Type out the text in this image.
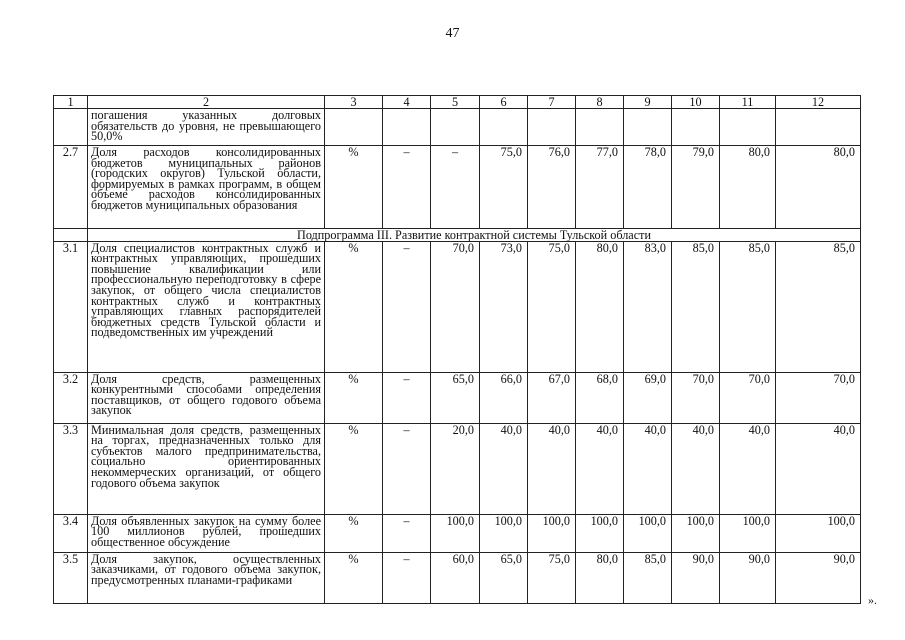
47
1	2	3	4	5	6	7	8	9	10	11	12
	погашения указанных долговых обязательств до уровня, не превышающего 50,0%										
2.7	Доля расходов консолидированных бюджетов муниципальных районов (городских округов) Тульской области, формируемых в рамках программ, в общем объеме расходов консолидированных бюджетов муниципальных образования	%	–	–	75,0	76,0	77,0	78,0	79,0	80,0	80,0
	Подпрограмма III. Развитие контрактной системы Тульской области										
3.1	Доля специалистов контрактных служб и контрактных управляющих, прошедших повышение квалификации или профессиональную переподготовку в сфере закупок, от общего числа специалистов контрактных служб и контрактных управляющих главных распорядителей бюджетных средств Тульской области и подведомственных им учреждений	%	–	70,0	73,0	75,0	80,0	83,0	85,0	85,0	85,0
3.2	Доля средств, размещенных конкурентными способами определения поставщиков, от общего годового объема закупок	%	–	65,0	66,0	67,0	68,0	69,0	70,0	70,0	70,0
3.3	Минимальная доля средств, размещенных на торгах, предназначенных только для субъектов малого предпринимательства, социально ориентированных некоммерческих организаций, от общего годового объема закупок	%	–	20,0	40,0	40,0	40,0	40,0	40,0	40,0	40,0
3.4	Доля объявленных закупок на сумму более 100 миллионов рублей, прошедших общественное обсуждение	%	–	100,0	100,0	100,0	100,0	100,0	100,0	100,0	100,0
3.5	Доля закупок, осуществленных заказчиками, от годового объема закупок, предусмотренных планами-графиками	%	–	60,0	65,0	75,0	80,0	85,0	90,0	90,0	90,0
».
